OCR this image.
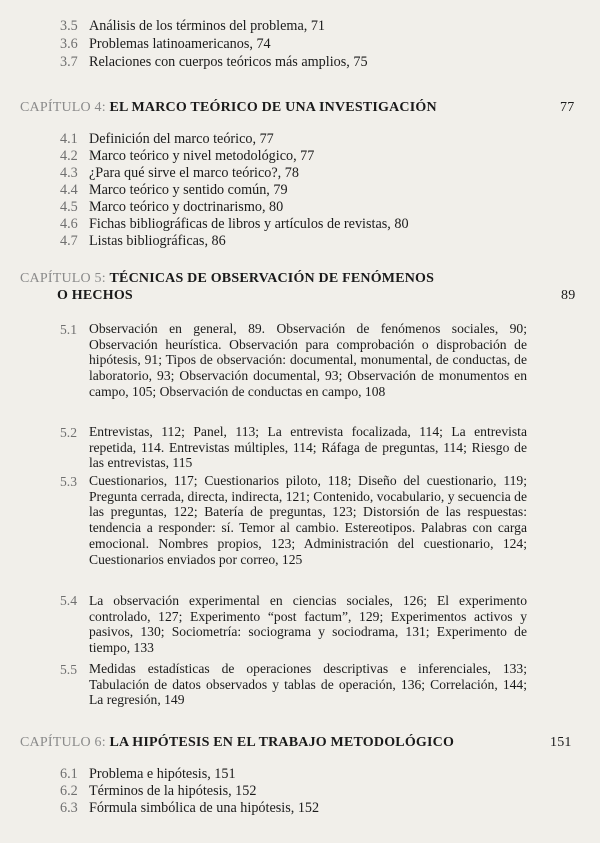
3.5 Análisis de los términos del problema, 71
3.6 Problemas latinoamericanos, 74
3.7 Relaciones con cuerpos teóricos más amplios, 75
CAPÍTULO 4: EL MARCO TEÓRICO DE UNA INVESTIGACIÓN	77
4.1 Definición del marco teórico, 77
4.2 Marco teórico y nivel metodológico, 77
4.3 ¿Para qué sirve el marco teórico?, 78
4.4 Marco teórico y sentido común, 79
4.5 Marco teórico y doctrinarismo, 80
4.6 Fichas bibliográficas de libros y artículos de revistas, 80
4.7 Listas bibliográficas, 86
CAPÍTULO 5: TÉCNICAS DE OBSERVACIÓN DE FENÓMENOS
O HECHOS	89
5.1 Observación en general, 89. Observación de fenómenos sociales, 90; Observación heurística. Observación para comprobación o disprobación de hipótesis, 91; Tipos de observación: documental, monumental, de conductas, de laboratorio, 93; Observación documental, 93; Observación de monumentos en campo, 105; Observación de conductas en campo, 108
5.2 Entrevistas, 112; Panel, 113; La entrevista focalizada, 114; La entrevista repetida, 114. Entrevistas múltiples, 114; Ráfaga de preguntas, 114; Riesgo de las entrevistas, 115
5.3 Cuestionarios, 117; Cuestionarios piloto, 118; Diseño del cuestionario, 119; Pregunta cerrada, directa, indirecta, 121; Contenido, vocabulario, y secuencia de las preguntas, 122; Batería de preguntas, 123; Distorsión de las respuestas: tendencia a responder: sí. Temor al cambio. Estereotipos. Palabras con carga emocional. Nombres propios, 123; Administración del cuestionario, 124; Cuestionarios enviados por correo, 125
5.4 La observación experimental en ciencias sociales, 126; El experimento controlado, 127; Experimento “post factum”, 129; Experimentos activos y pasivos, 130; Sociometría: sociograma y sociodrama, 131; Experimento de tiempo, 133
5.5 Medidas estadísticas de operaciones descriptivas e inferenciales, 133; Tabulación de datos observados y tablas de operación, 136; Correlación, 144; La regresión, 149
CAPÍTULO 6: LA HIPÓTESIS EN EL TRABAJO METODOLÓGICO	151
6.1 Problema e hipótesis, 151
6.2 Términos de la hipótesis, 152
6.3 Fórmula simbólica de una hipótesis, 152
